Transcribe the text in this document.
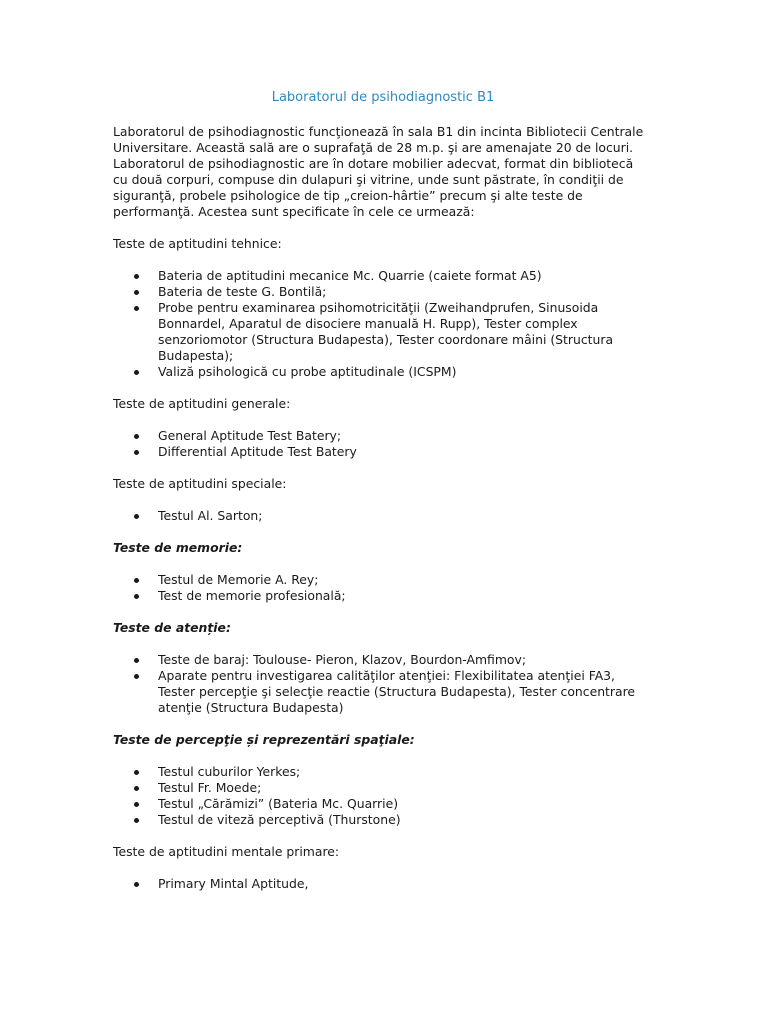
Laboratorul de psihodiagnostic B1

Laboratorul de psihodiagnostic funcţionează în sala B1 din incinta Bibliotecii Centrale Universitare. Această sală are o suprafaţă de 28 m.p. şi are amenajate 20 de locuri. Laboratorul de psihodiagnostic are în dotare mobilier adecvat, format din bibliotecă cu două corpuri, compuse din dulapuri şi vitrine, unde sunt păstrate, în condiţii de siguranţă, probele psihologice de tip „creion-hârtie” precum şi alte teste de performanţă. Acestea sunt specificate în cele ce urmează:

Teste de aptitudini tehnice:

Bateria de aptitudini mecanice Mc. Quarrie (caiete format A5)
Bateria de teste G. Bontilă;
Probe pentru examinarea psihomotricităţii (Zweihandprufen, Sinusoida Bonnardel, Aparatul de disociere manuală H. Rupp), Tester complex senzoriomotor (Structura Budapesta), Tester coordonare mâini (Structura Budapesta);
Valiză psihologică cu probe aptitudinale (ICSPM)

Teste de aptitudini generale:

General Aptitude Test Batery;
Differential Aptitude Test Batery

Teste de aptitudini speciale:

Testul Al. Sarton;

Teste de memorie:

Testul de Memorie A. Rey;
Test de memorie profesională;

Teste de atenție:

Teste de baraj: Toulouse- Pieron, Klazov, Bourdon-Amfimov;
Aparate pentru investigarea calităţilor atenţiei: Flexibilitatea atenţiei FA3, Tester percepţie şi selecţie reactie (Structura Budapesta), Tester concentrare atenţie (Structura Budapesta)

Teste de percepţie și reprezentări spaţiale:

Testul cuburilor Yerkes;
Testul Fr. Moede;
Testul „Cărămizi” (Bateria Mc. Quarrie)
Testul de viteză perceptivă (Thurstone)

Teste de aptitudini mentale primare:

Primary Mintal Aptitude,
